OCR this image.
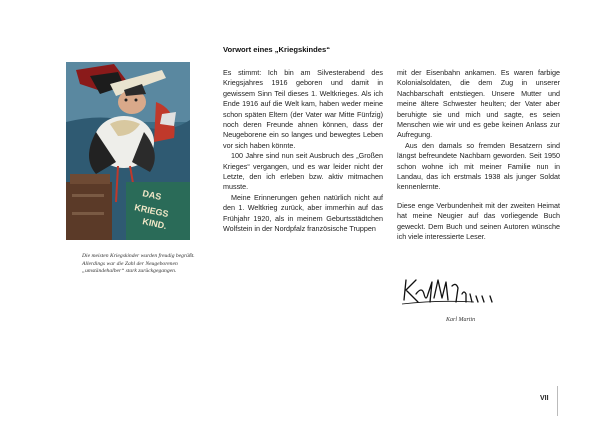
DAS
KRIEGS
KIND.

Die meisten Kriegskinder wurden freudig begrüßt. Allerdings war die Zahl der Neugeborenen „umständehalber“ stark zurückgegangen.

Vorwort eines „Kriegskindes“

Es stimmt: Ich bin am Silvesterabend des Kriegsjahres 1916 geboren und damit in gewissem Sinn Teil dieses 1. Weltkrieges. Als ich Ende 1916 auf die Welt kam, haben weder meine schon späten Eltern (der Vater war Mitte Fünfzig) noch deren Freunde ahnen können, dass der Neugeborene ein so langes und bewegtes Leben vor sich haben könnte.

100 Jahre sind nun seit Ausbruch des „Großen Krieges“ vergangen, und es war leider nicht der Letzte, den ich erleben bzw. aktiv mitmachen musste.

Meine Erinnerungen gehen natürlich nicht auf den 1. Weltkrieg zurück, aber immerhin auf das Frühjahr 1920, als in meinem Geburtsstädtchen Wolfstein in der Nordpfalz französische Truppen

mit der Eisenbahn ankamen. Es waren farbige Kolonialsoldaten, die dem Zug in unserer Nachbarschaft entstiegen. Unsere Mutter und meine ältere Schwester heulten; der Vater aber beruhigte sie und mich und sagte, es seien Menschen wie wir und es gebe keinen Anlass zur Aufregung.

Aus den damals so fremden Besatzern sind längst befreundete Nachbarn geworden. Seit 1950 schon wohne ich mit meiner Familie nun in Landau, das ich erstmals 1938 als junger Soldat kennenlernte.

Diese enge Verbundenheit mit der zweiten Heimat hat meine Neugier auf das vorliegende Buch geweckt. Dem Buch und seinen Autoren wünsche ich viele interessierte Leser.

Karl Martin

VII
